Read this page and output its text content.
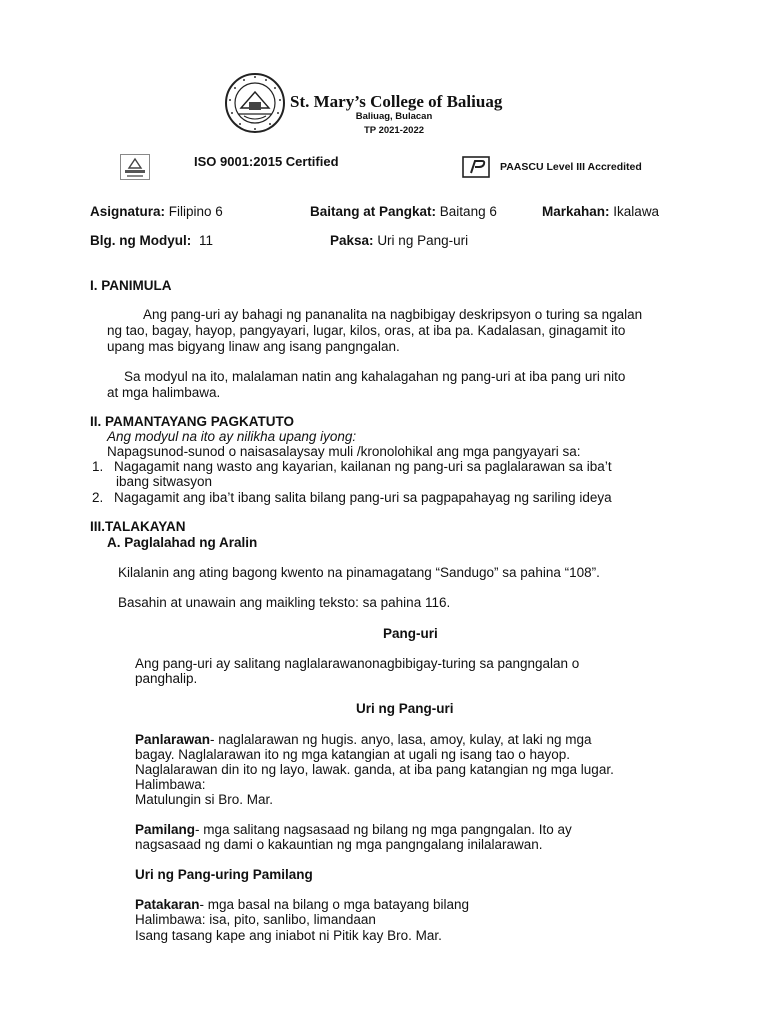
St. Mary’s College of Baliuag
Baliuag, Bulacan
TP 2021-2022
ISO 9001:2015 Certified	PAASCU Level III Accredited
Asignatura: Filipino 6	Baitang at Pangkat: Baitang 6	Markahan: Ikalawa
Blg. ng Modyul: 11	Paksa: Uri ng Pang-uri
I. PANIMULA
Ang pang-uri ay bahagi ng pananalita na nagbibigay deskripsyon o turing sa ngalan
ng tao, bagay, hayop, pangyayari, lugar, kilos, oras, at iba pa. Kadalasan, ginagamit ito
upang mas bigyang linaw ang isang pangngalan.
Sa modyul na ito, malalaman natin ang kahalagahan ng pang-uri at iba pang uri nito
at mga halimbawa.
II. PAMANTAYANG PAGKATUTO
Ang modyul na ito ay nilikha upang iyong:
Napagsunod-sunod o naisasalaysay muli /kronolohikal ang mga pangyayari sa:
1. Nagagamit nang wasto ang kayarian, kailanan ng pang-uri sa paglalarawan sa iba’t
ibang sitwasyon
2. Nagagamit ang iba’t ibang salita bilang pang-uri sa pagpapahayag ng sariling ideya
III.TALAKAYAN
A. Paglalahad ng Aralin
Kilalanin ang ating bagong kwento na pinamagatang “Sandugo” sa pahina “108”.
Basahin at unawain ang maikling teksto: sa pahina 116.
Pang-uri
Ang pang-uri ay salitang naglalarawanonagbibigay-turing sa pangngalan o
panghalip.
Uri ng Pang-uri
Panlarawan- naglalarawan ng hugis. anyo, lasa, amoy, kulay, at laki ng mga
bagay. Naglalarawan ito ng mga katangian at ugali ng isang tao o hayop.
Naglalarawan din ito ng layo, lawak. ganda, at iba pang katangian ng mga lugar.
Halimbawa:
Matulungin si Bro. Mar.
Pamilang- mga salitang nagsasaad ng bilang ng mga pangngalan. Ito ay
nagsasaad ng dami o kakauntian ng mga pangngalang inilalarawan.
Uri ng Pang-uring Pamilang
Patakaran- mga basal na bilang o mga batayang bilang
Halimbawa: isa, pito, sanlibo, limandaan
Isang tasang kape ang iniabot ni Pitik kay Bro. Mar.
